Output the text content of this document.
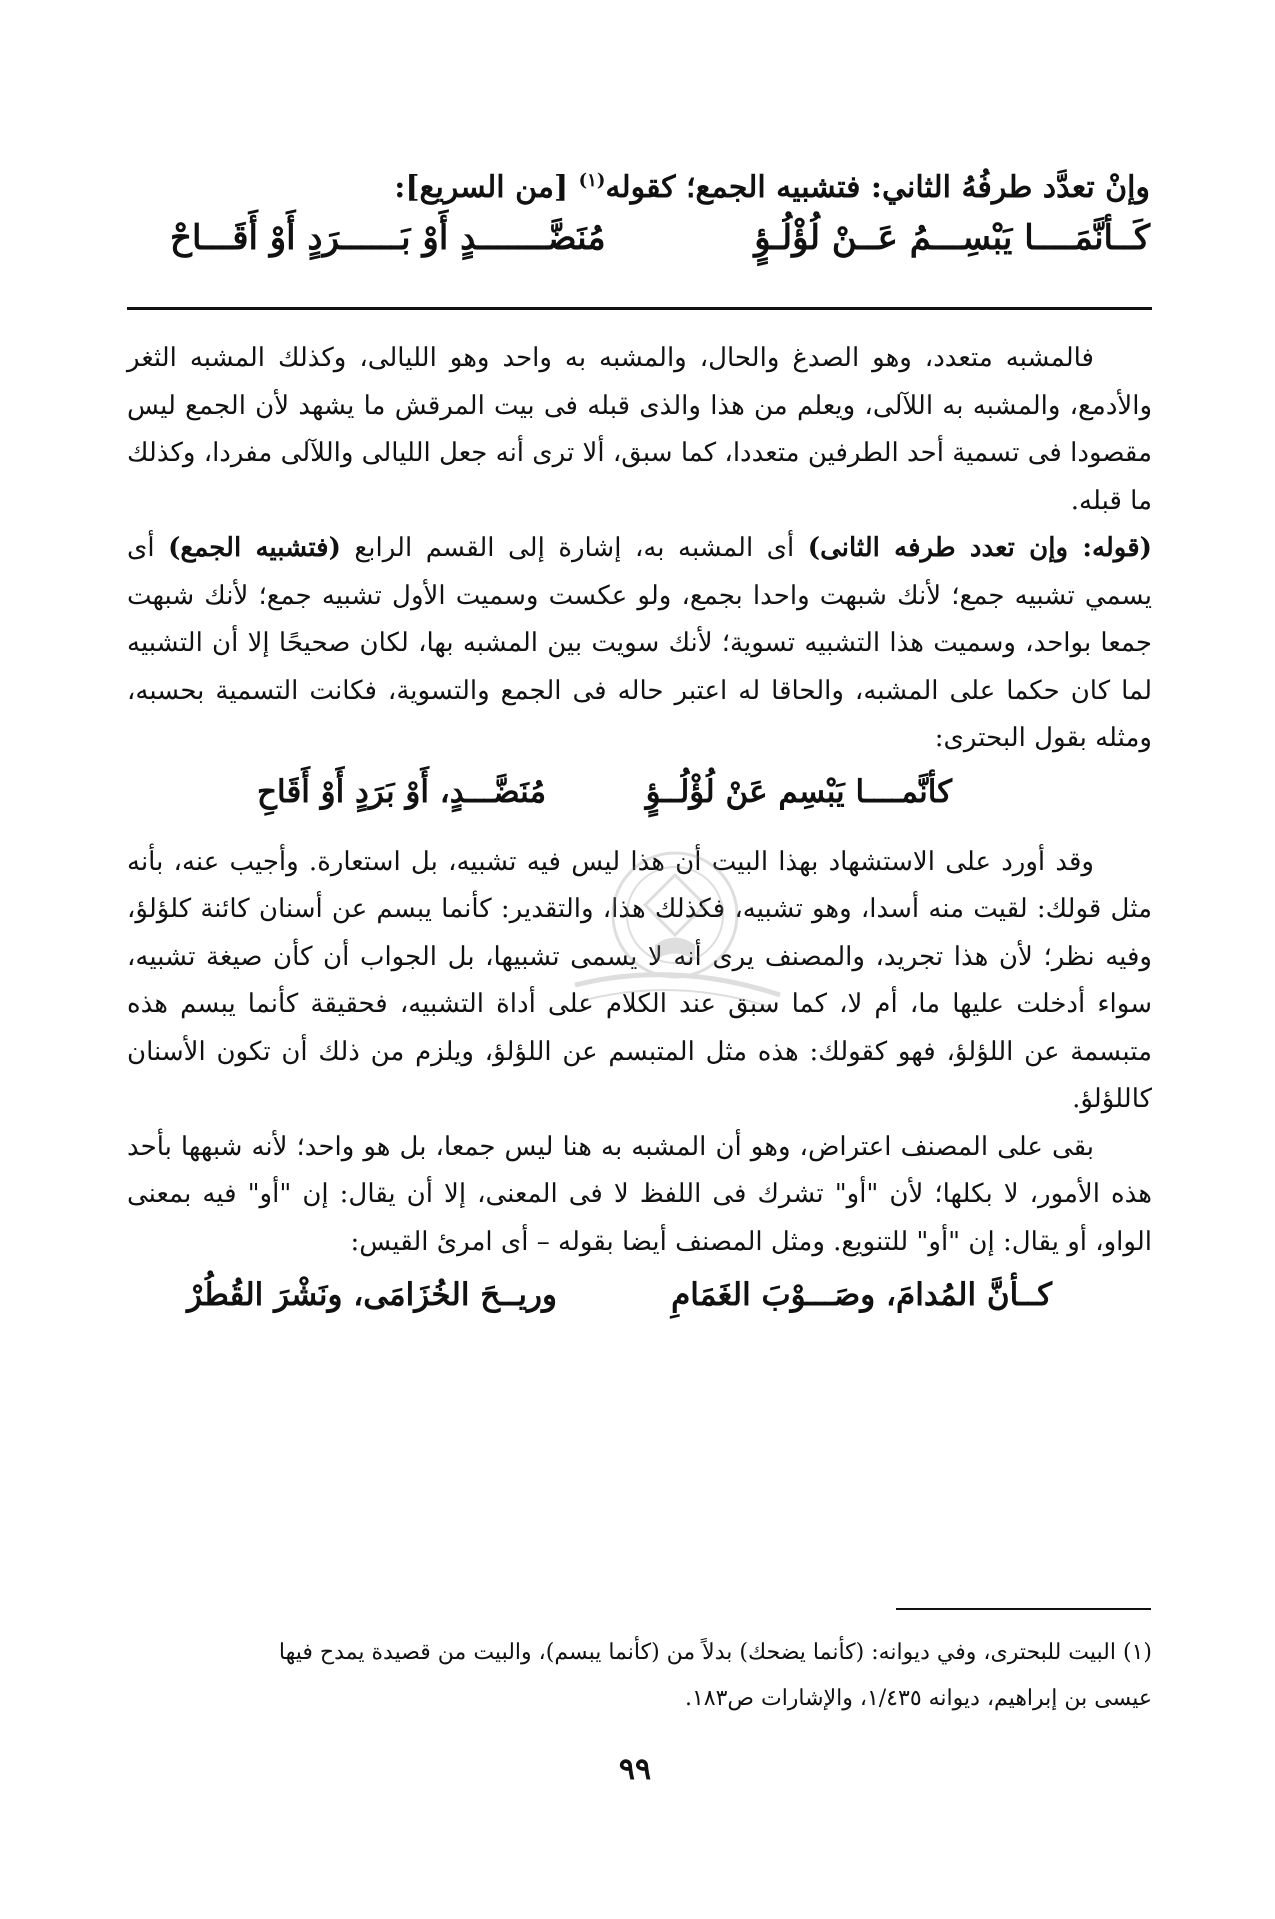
وإنْ تعدَّد طرفُهُ الثاني: فتشبيه الجمع؛ كقوله$^{(١)}$ [من السريع]:
كَــأنَّمَــــا يَبْسِـــمُ عَــنْ لُؤْلُـؤٍ
مُنَضَّـــــــدٍ أَوْ بَــــــرَدٍ أَوْ أَقَـــاحْ

فالمشبه متعدد، وهو الصدغ والحال، والمشبه به واحد وهو الليالى، وكذلك المشبه الثغر والأدمع، والمشبه به اللآلى، ويعلم من هذا والذى قبله فى بيت المرقش ما يشهد لأن الجمع ليس مقصودا فى تسمية أحد الطرفين متعددا، كما سبق، ألا ترى أنه جعل الليالى واللآلى مفردا، وكذلك ما قبله.

(قوله: وإن تعدد طرفه الثانى) أى المشبه به، إشارة إلى القسم الرابع (فتشبيه الجمع) أى يسمي تشبيه جمع؛ لأنك شبهت واحدا بجمع، ولو عكست وسميت الأول تشبيه جمع؛ لأنك شبهت جمعا بواحد، وسميت هذا التشبيه تسوية؛ لأنك سويت بين المشبه بها، لكان صحيحًا إلا أن التشبيه لما كان حكما على المشبه، والحاقا له اعتبر حاله فى الجمع والتسوية، فكانت التسمية بحسبه، ومثله بقول البحترى:

كأنَّمــــا يَبْسِم عَنْ لُؤْلُــؤٍ
مُنَضَّـــدٍ، أَوْ بَرَدٍ أَوْ أَقَاحِ

وقد أورد على الاستشهاد بهذا البيت أن هذا ليس فيه تشبيه، بل استعارة. وأجيب عنه، بأنه مثل قولك: لقيت منه أسدا، وهو تشبيه، فكذلك هذا، والتقدير: كأنما يبسم عن أسنان كائنة كلؤلؤ، وفيه نظر؛ لأن هذا تجريد، والمصنف يرى أنه لا يسمى تشبيها، بل الجواب أن كأن صيغة تشبيه، سواء أدخلت عليها ما، أم لا، كما سبق عند الكلام على أداة التشبيه، فحقيقة كأنما يبسم هذه متبسمة عن اللؤلؤ، فهو كقولك: هذه مثل المتبسم عن اللؤلؤ، ويلزم من ذلك أن تكون الأسنان كاللؤلؤ.

بقى على المصنف اعتراض، وهو أن المشبه به هنا ليس جمعا، بل هو واحد؛ لأنه شبهها بأحد هذه الأمور، لا بكلها؛ لأن "أو" تشرك فى اللفظ لا فى المعنى، إلا أن يقال: إن "أو" فيه بمعنى الواو، أو يقال: إن "أو" للتنويع. ومثل المصنف أيضا بقوله – أى امرئ القيس:

كــأنَّ المُدامَ، وصَـــوْبَ الغَمَامِ
وريــحَ الخُزَامَى، ونَشْرَ القُطُرْ

(١) البيت للبحترى، وفي ديوانه: (كأنما يضحك) بدلاً من (كأنما يبسم)، والبيت من قصيدة يمدح فيها

عيسى بن إبراهيم، ديوانه ١/٤٣٥، والإشارات ص١٨٣.

٩٩
